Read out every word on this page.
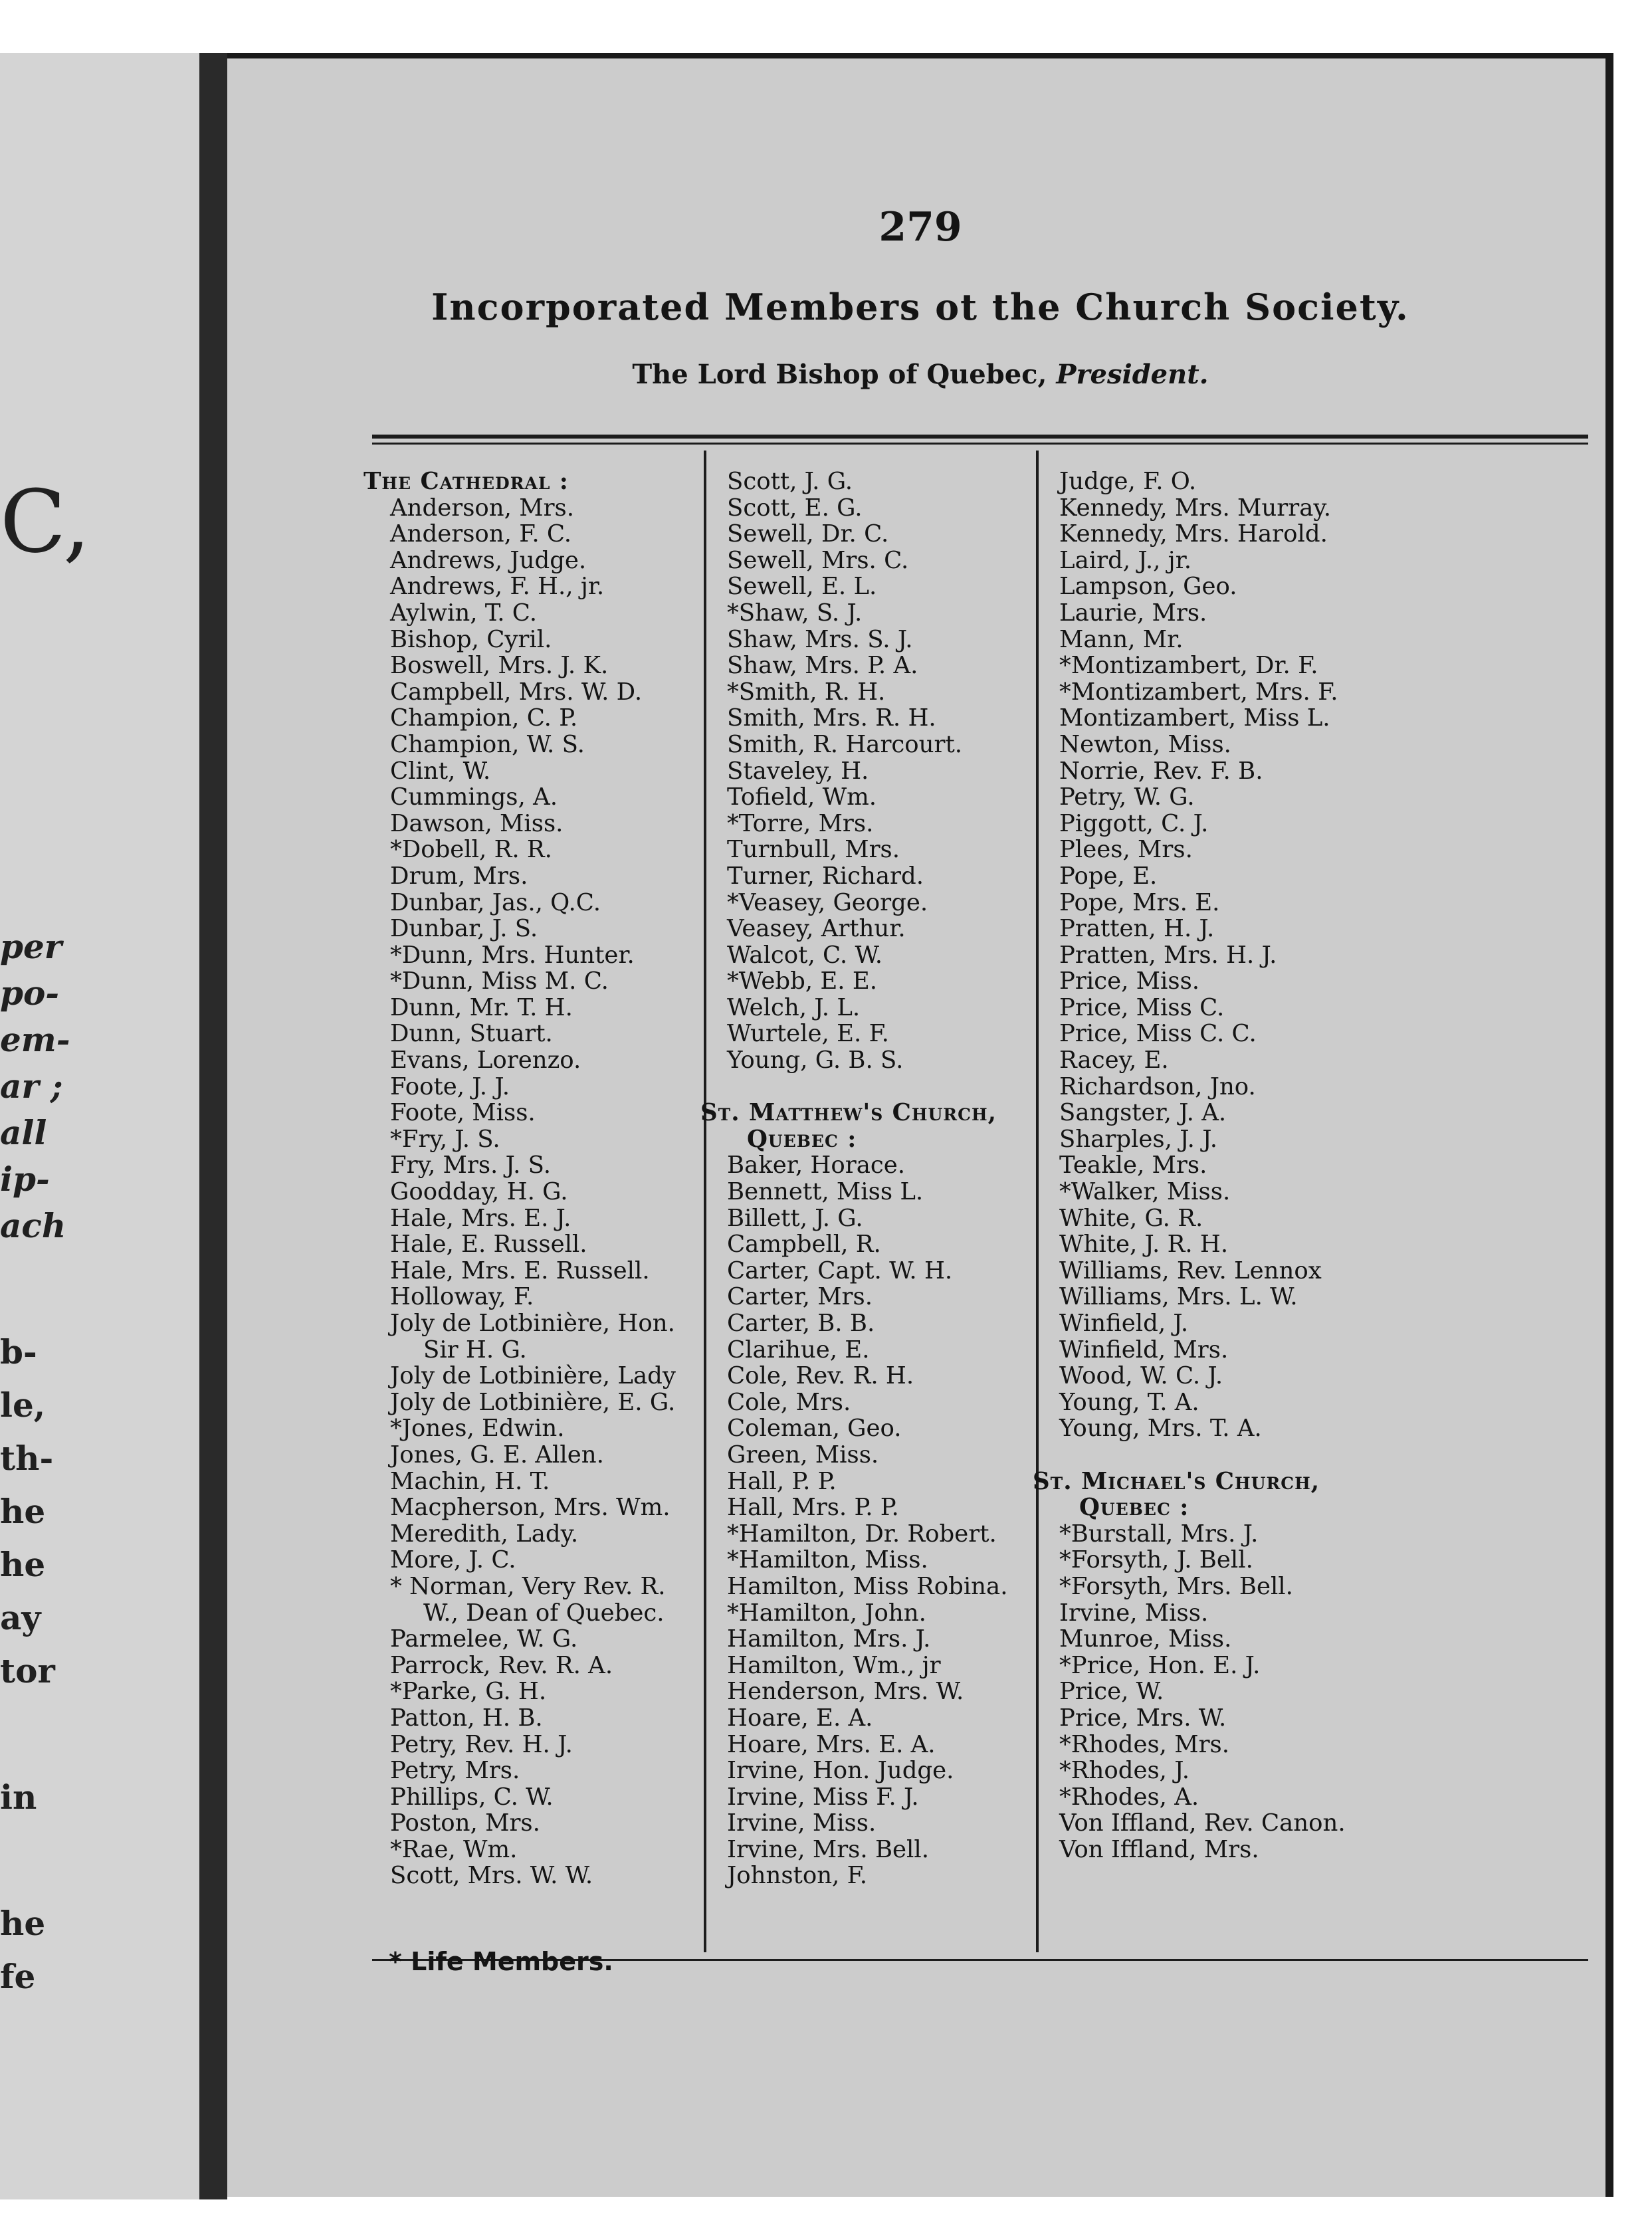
C,
per
po-
em-
ar ;
all
ip-
ach
b-
le,
th-
he
he
ay
tor
in
he
fe
279
Incorporated Members ot the Church Society.
The Lord Bishop of Quebec, President.
The Cathedral :
Anderson, Mrs.
Anderson, F. C.
Andrews, Judge.
Andrews, F. H., jr.
Aylwin, T. C.
Bishop, Cyril.
Boswell, Mrs. J. K.
Campbell, Mrs. W. D.
Champion, C. P.
Champion, W. S.
Clint, W.
Cummings, A.
Dawson, Miss.
*Dobell, R. R.
Drum, Mrs.
Dunbar, Jas., Q.C.
Dunbar, J. S.
*Dunn, Mrs. Hunter.
*Dunn, Miss M. C.
Dunn, Mr. T. H.
Dunn, Stuart.
Evans, Lorenzo.
Foote, J. J.
Foote, Miss.
*Fry, J. S.
Fry, Mrs. J. S.
Goodday, H. G.
Hale, Mrs. E. J.
Hale, E. Russell.
Hale, Mrs. E. Russell.
Holloway, F.
Joly de Lotbinière, Hon.
Sir H. G.
Joly de Lotbinière, Lady
Joly de Lotbinière, E. G.
*Jones, Edwin.
Jones, G. E. Allen.
Machin, H. T.
Macpherson, Mrs. Wm.
Meredith, Lady.
More, J. C.
* Norman, Very Rev. R.
W., Dean of Quebec.
Parmelee, W. G.
Parrock, Rev. R. A.
*Parke, G. H.
Patton, H. B.
Petry, Rev. H. J.
Petry, Mrs.
Phillips, C. W.
Poston, Mrs.
*Rae, Wm.
Scott, Mrs. W. W.
Scott, J. G.
Scott, E. G.
Sewell, Dr. C.
Sewell, Mrs. C.
Sewell, E. L.
*Shaw, S. J.
Shaw, Mrs. S. J.
Shaw, Mrs. P. A.
*Smith, R. H.
Smith, Mrs. R. H.
Smith, R. Harcourt.
Staveley, H.
Tofield, Wm.
*Torre, Mrs.
Turnbull, Mrs.
Turner, Richard.
*Veasey, George.
Veasey, Arthur.
Walcot, C. W.
*Webb, E. E.
Welch, J. L.
Wurtele, E. F.
Young, G. B. S.
St. Matthew's Church,
Quebec :
Baker, Horace.
Bennett, Miss L.
Billett, J. G.
Campbell, R.
Carter, Capt. W. H.
Carter, Mrs.
Carter, B. B.
Clarihue, E.
Cole, Rev. R. H.
Cole, Mrs.
Coleman, Geo.
Green, Miss.
Hall, P. P.
Hall, Mrs. P. P.
*Hamilton, Dr. Robert.
*Hamilton, Miss.
Hamilton, Miss Robina.
*Hamilton, John.
Hamilton, Mrs. J.
Hamilton, Wm., jr
Henderson, Mrs. W.
Hoare, E. A.
Hoare, Mrs. E. A.
Irvine, Hon. Judge.
Irvine, Miss F. J.
Irvine, Miss.
Irvine, Mrs. Bell.
Johnston, F.
Judge, F. O.
Kennedy, Mrs. Murray.
Kennedy, Mrs. Harold.
Laird, J., jr.
Lampson, Geo.
Laurie, Mrs.
Mann, Mr.
*Montizambert, Dr. F.
*Montizambert, Mrs. F.
Montizambert, Miss L.
Newton, Miss.
Norrie, Rev. F. B.
Petry, W. G.
Piggott, C. J.
Plees, Mrs.
Pope, E.
Pope, Mrs. E.
Pratten, H. J.
Pratten, Mrs. H. J.
Price, Miss.
Price, Miss C.
Price, Miss C. C.
Racey, E.
Richardson, Jno.
Sangster, J. A.
Sharples, J. J.
Teakle, Mrs.
*Walker, Miss.
White, G. R.
White, J. R. H.
Williams, Rev. Lennox
Williams, Mrs. L. W.
Winfield, J.
Winfield, Mrs.
Wood, W. C. J.
Young, T. A.
Young, Mrs. T. A.
St. Michael's Church,
Quebec :
*Burstall, Mrs. J.
*Forsyth, J. Bell.
*Forsyth, Mrs. Bell.
Irvine, Miss.
Munroe, Miss.
*Price, Hon. E. J.
Price, W.
Price, Mrs. W.
*Rhodes, Mrs.
*Rhodes, J.
*Rhodes, A.
Von Iffland, Rev. Canon.
Von Iffland, Mrs.
* Life Members.
